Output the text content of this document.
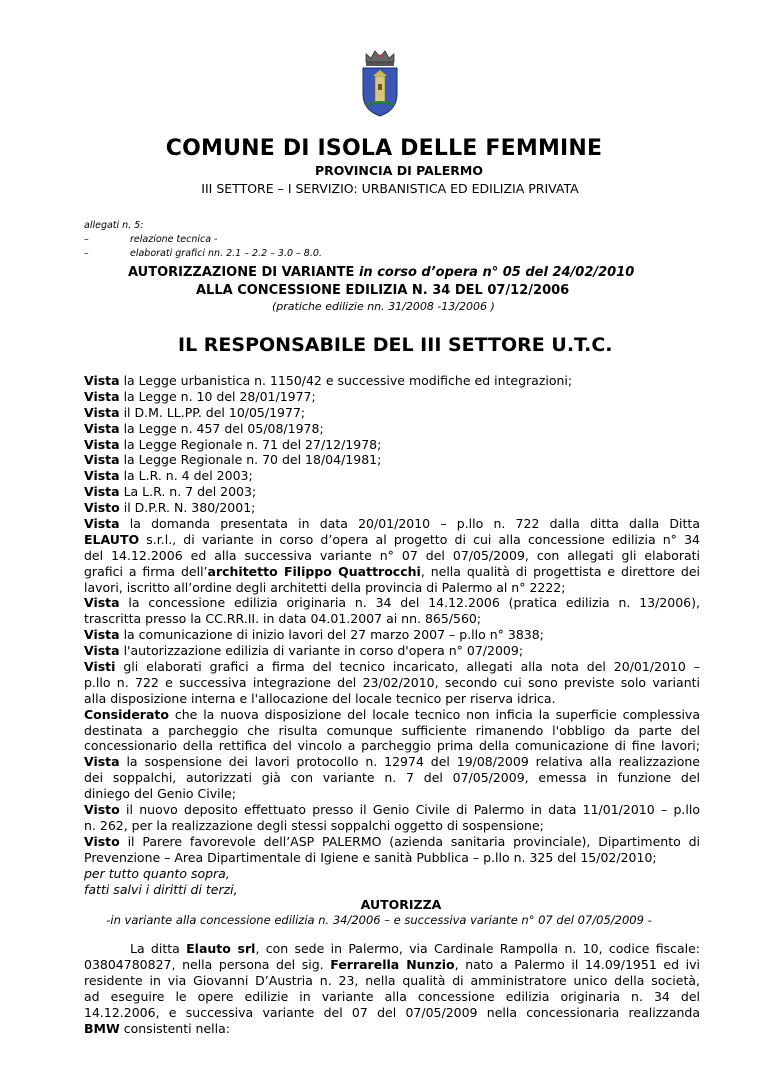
COMUNE DI ISOLA DELLE FEMMINE
PROVINCIA DI PALERMO
III SETTORE – I SERVIZIO: URBANISTICA ED EDILIZIA PRIVATA
allegati n. 5:
–	relazione tecnica -
–	elaborati grafici nn. 2.1 – 2.2 – 3.0 – 8.0.
AUTORIZZAZIONE DI VARIANTE in corso d’opera n° 05 del 24/02/2010
ALLA CONCESSIONE EDILIZIA N. 34 DEL 07/12/2006
(pratiche edilizie nn. 31/2008 -13/2006 )
IL RESPONSABILE DEL III SETTORE U.T.C.
Vista la Legge urbanistica n. 1150/42 e successive modifiche ed integrazioni;
Vista la Legge n. 10 del 28/01/1977;
Vista il D.M. LL.PP. del 10/05/1977;
Vista la Legge n. 457 del 05/08/1978;
Vista la Legge Regionale n. 71 del 27/12/1978;
Vista la Legge Regionale n. 70 del 18/04/1981;
Vista la L.R. n. 4 del 2003;
Vista La L.R. n. 7 del 2003;
Visto il D.P.R. N. 380/2001;
Vista la domanda presentata in data 20/01/2010 – p.llo n. 722 dalla ditta dalla Ditta
ELAUTO s.r.l., di variante in corso d’opera al progetto di cui alla concessione edilizia n° 34
del 14.12.2006 ed alla successiva variante n° 07 del 07/05/2009, con allegati gli elaborati
grafici a firma dell’architetto Filippo Quattrocchi, nella qualità di progettista e direttore dei
lavori, iscritto all’ordine degli architetti della provincia di Palermo al n° 2222;
Vista la concessione edilizia originaria n. 34 del 14.12.2006 (pratica edilizia n. 13/2006),
trascritta presso la CC.RR.II. in data 04.01.2007 ai nn. 865/560;
Vista la comunicazione di inizio lavori del 27 marzo 2007 – p.llo n° 3838;
Vista l'autorizzazione edilizia di variante in corso d'opera n° 07/2009;
Visti gli elaborati grafici a firma del tecnico incaricato, allegati alla nota del 20/01/2010 –
p.llo n. 722 e successiva integrazione del 23/02/2010, secondo cui sono previste solo varianti
alla disposizione interna e l'allocazione del locale tecnico per riserva idrica.
Considerato che la nuova disposizione del locale tecnico non inficia la superficie complessiva
destinata a parcheggio che risulta comunque sufficiente rimanendo l'obbligo da parte del
concessionario della rettifica del vincolo a parcheggio prima della comunicazione di fine lavori;
Vista la sospensione dei lavori protocollo n. 12974 del 19/08/2009 relativa alla realizzazione
dei soppalchi, autorizzati già con variante n. 7 del 07/05/2009, emessa in funzione del
diniego del Genio Civile;
Visto il nuovo deposito effettuato presso il Genio Civile di Palermo in data 11/01/2010 – p.llo
n. 262, per la realizzazione degli stessi soppalchi oggetto di sospensione;
Visto il Parere favorevole dell’ASP PALERMO (azienda sanitaria provinciale), Dipartimento di
Prevenzione – Area Dipartimentale di Igiene e sanità Pubblica – p.llo n. 325 del 15/02/2010;
per tutto quanto sopra,
fatti salvi i diritti di terzi,
AUTORIZZA
-in variante alla concessione edilizia n. 34/2006 – e successiva variante n° 07 del 07/05/2009 -
La ditta Elauto srl, con sede in Palermo, via Cardinale Rampolla n. 10, codice fiscale:
03804780827, nella persona del sig. Ferrarella Nunzio, nato a Palermo il 14.09/1951 ed ivi
residente in via Giovanni D’Austria n. 23, nella qualità di amministratore unico della società,
ad eseguire le opere edilizie in variante alla concessione edilizia originaria n. 34 del
14.12.2006, e successiva variante del 07 del 07/05/2009 nella concessionaria realizzanda
BMW consistenti nella:
